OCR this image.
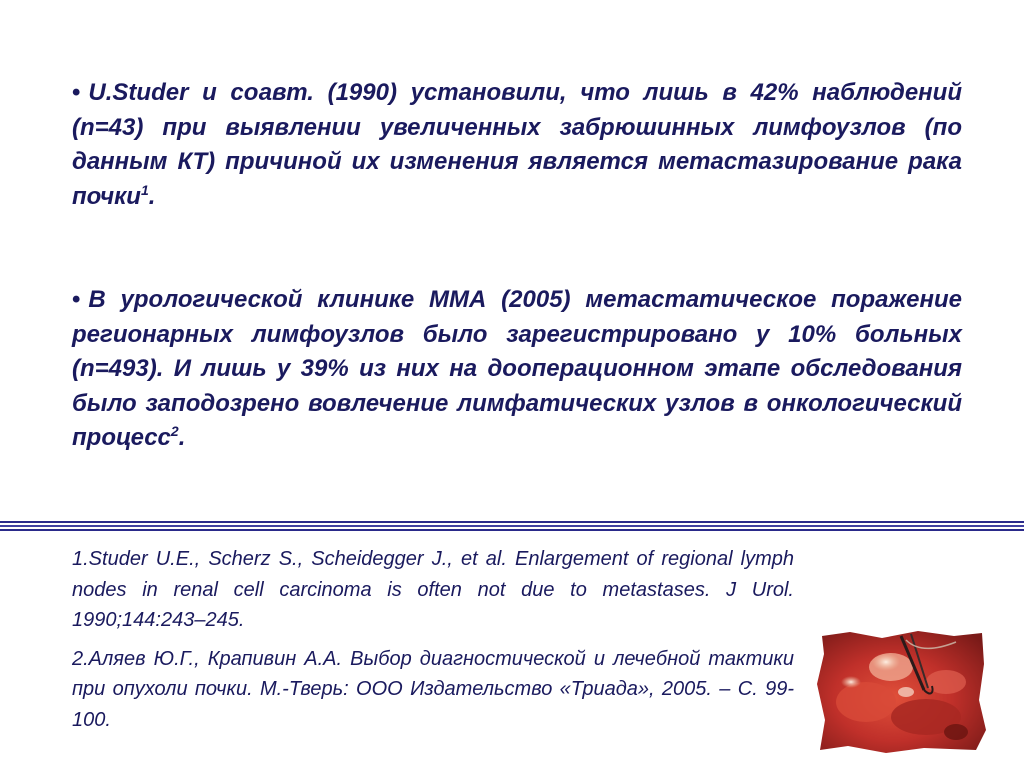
• U.Studer и соавт. (1990) установили, что лишь в 42% наблюдений (n=43) при выявлении увеличенных забрюшинных лимфоузлов (по данным КТ) причиной их изменения является метастазирование рака почки$^1$.
• В урологической клинике ММА (2005) метастатическое поражение регионарных лимфоузлов было зарегистрировано у 10% больных (n=493). И лишь у 39% из них на дооперационном этапе обследования было заподозрено вовлечение лимфатических узлов в онкологический процесс$^2$.

1.Studer U.E., Scherz S., Scheidegger J., et al. Enlargement of regional lymph nodes in renal cell carcinoma is often not due to metastases. J Urol. 1990;144:243–245.

2.Аляев Ю.Г., Крапивин А.А. Выбор диагностической и лечебной тактики при опухоли почки. М.-Тверь: ООО Издательство «Триада», 2005. – С. 99-100.
